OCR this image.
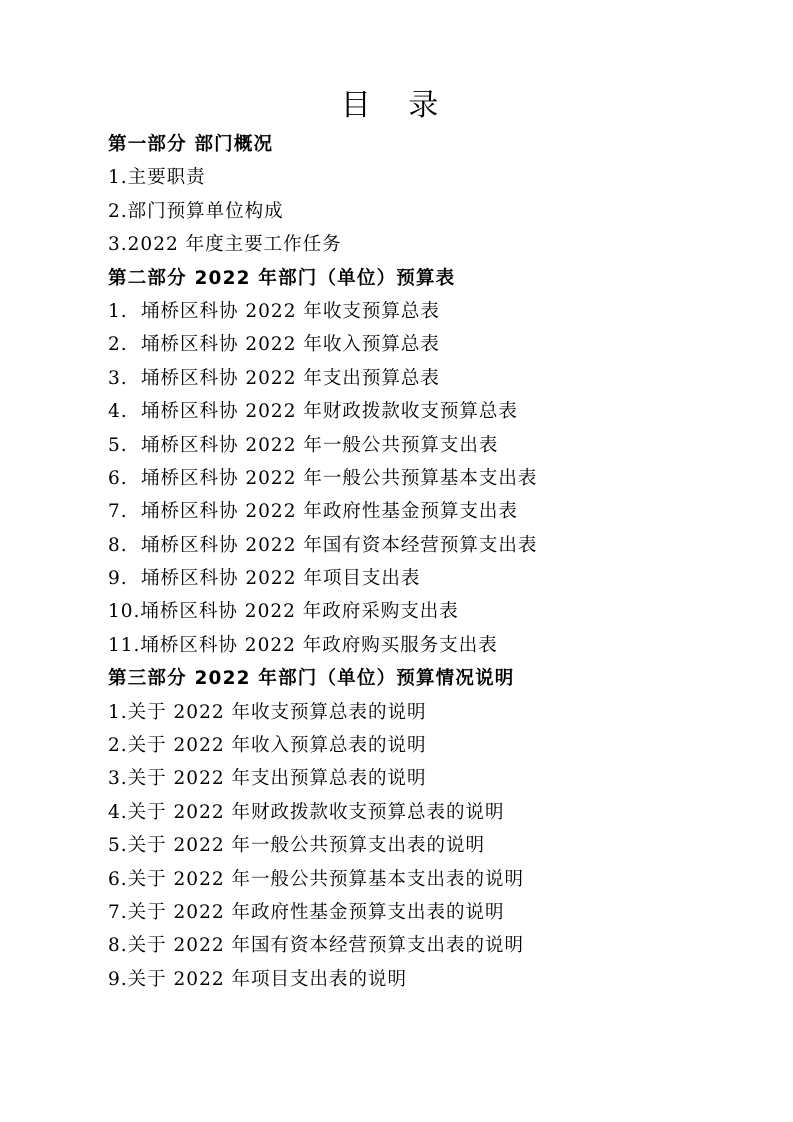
目 录
第一部分 部门概况
1.主要职责
2.部门预算单位构成
3.2022 年度主要工作任务
第二部分 2022 年部门（单位）预算表
1. 埇桥区科协 2022 年收支预算总表
2. 埇桥区科协 2022 年收入预算总表
3. 埇桥区科协 2022 年支出预算总表
4. 埇桥区科协 2022 年财政拨款收支预算总表
5. 埇桥区科协 2022 年一般公共预算支出表
6. 埇桥区科协 2022 年一般公共预算基本支出表
7. 埇桥区科协 2022 年政府性基金预算支出表
8. 埇桥区科协 2022 年国有资本经营预算支出表
9. 埇桥区科协 2022 年项目支出表
10.埇桥区科协 2022 年政府采购支出表
11.埇桥区科协 2022 年政府购买服务支出表
第三部分 2022 年部门（单位）预算情况说明
1.关于 2022 年收支预算总表的说明
2.关于 2022 年收入预算总表的说明
3.关于 2022 年支出预算总表的说明
4.关于 2022 年财政拨款收支预算总表的说明
5.关于 2022 年一般公共预算支出表的说明
6.关于 2022 年一般公共预算基本支出表的说明
7.关于 2022 年政府性基金预算支出表的说明
8.关于 2022 年国有资本经营预算支出表的说明
9.关于 2022 年项目支出表的说明
